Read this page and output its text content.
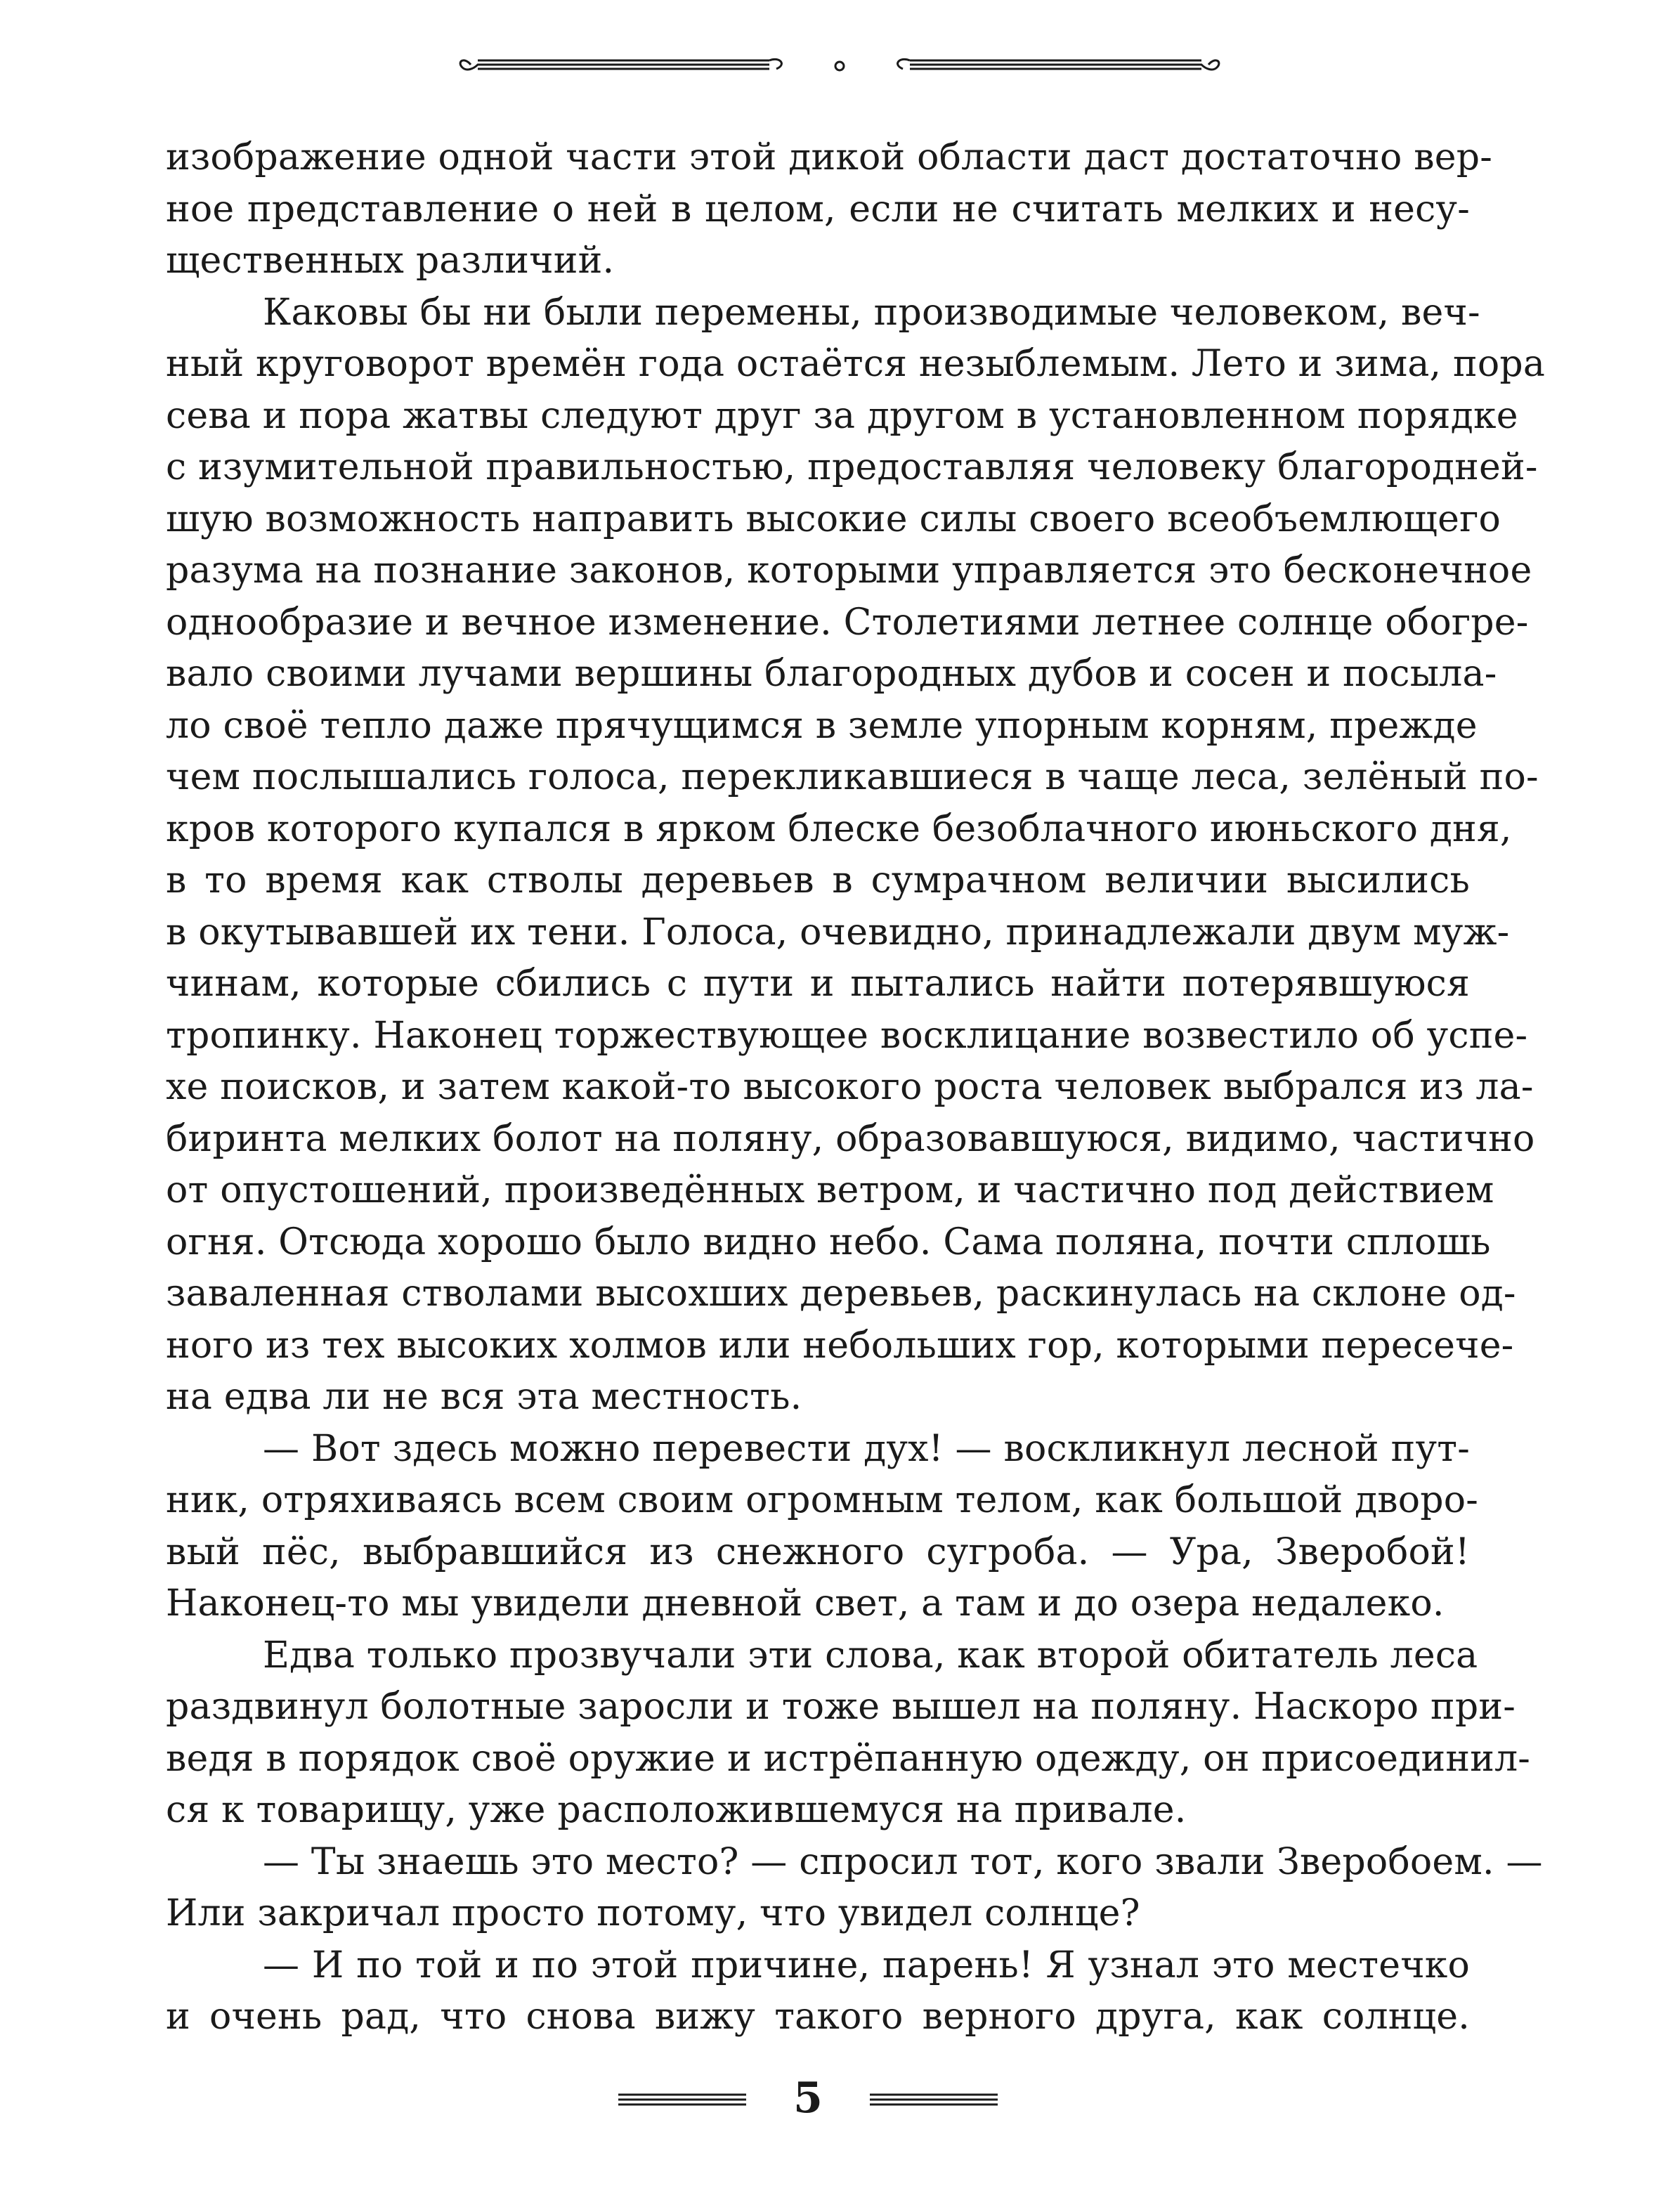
изображение одной части этой дикой области даст достаточно вер-
ное представление о ней в целом, если не считать мелких и несу-
щественных различий.
Каковы бы ни были перемены, производимые человеком, веч-
ный круговорот времён года остаётся незыблемым. Лето и зима, пора
сева и пора жатвы следуют друг за другом в установленном порядке
с изумительной правильностью, предоставляя человеку благородней-
шую возможность направить высокие силы своего всеобъемлющего
разума на познание законов, которыми управляется это бесконечное
однообразие и вечное изменение. Столетиями летнее солнце обогре-
вало своими лучами вершины благородных дубов и сосен и посыла-
ло своё тепло даже прячущимся в земле упорным корням, прежде
чем послышались голоса, перекликавшиеся в чаще леса, зелёный по-
кров которого купался в ярком блеске безоблачного июньского дня,
в то время как стволы деревьев в сумрачном величии высились
в окутывавшей их тени. Голоса, очевидно, принадлежали двум муж-
чинам, которые сбились с пути и пытались найти потерявшуюся
тропинку. Наконец торжествующее восклицание возвестило об успе-
хе поисков, и затем какой-то высокого роста человек выбрался из ла-
биринта мелких болот на поляну, образовавшуюся, видимо, частично
от опустошений, произведённых ветром, и частично под действием
огня. Отсюда хорошо было видно небо. Сама поляна, почти сплошь
заваленная стволами высохших деревьев, раскинулась на склоне од-
ного из тех высоких холмов или небольших гор, которыми пересече-
на едва ли не вся эта местность.
— Вот здесь можно перевести дух! — воскликнул лесной пут-
ник, отряхиваясь всем своим огромным телом, как большой дворо-
вый пёс, выбравшийся из снежного сугроба. — Ура, Зверобой!
Наконец-то мы увидели дневной свет, а там и до озера недалеко.
Едва только прозвучали эти слова, как второй обитатель леса
раздвинул болотные заросли и тоже вышел на поляну. Наскоро при-
ведя в порядок своё оружие и истрёпанную одежду, он присоединил-
ся к товарищу, уже расположившемуся на привале.
— Ты знаешь это место? — спросил тот, кого звали Зверобоем. —
Или закричал просто потому, что увидел солнце?
— И по той и по этой причине, парень! Я узнал это местечко
и очень рад, что снова вижу такого верного друга, как солнце.
5
